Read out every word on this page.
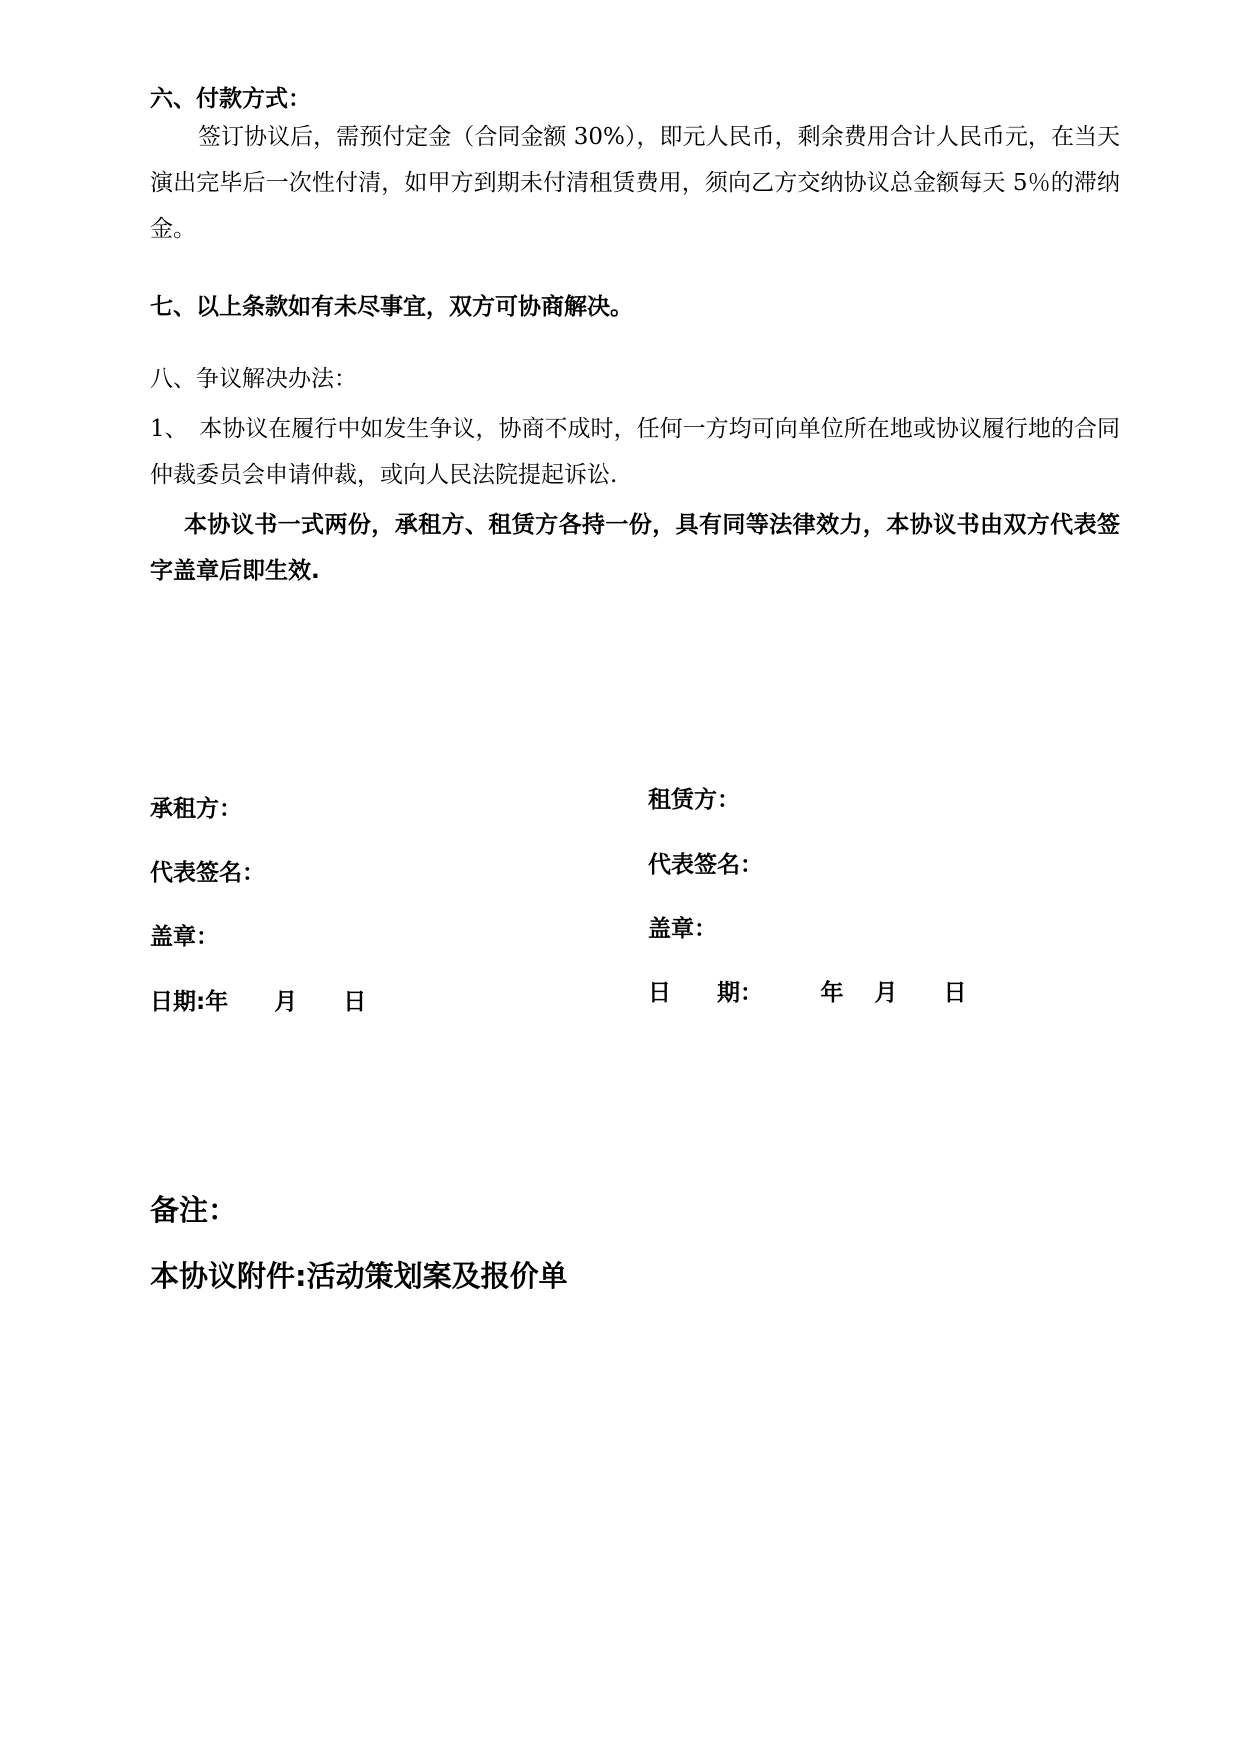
六、付款方式：
签订协议后，需预付定金（合同金额 30%），即元人民币，剩余费用合计人民币元，在当天演出完毕后一次性付清，如甲方到期未付清租赁费用，须向乙方交纳协议总金额每天 5％的滞纳金。
七、以上条款如有未尽事宜，双方可协商解决。
八、争议解决办法：
1、　本协议在履行中如发生争议，协商不成时，任何一方均可向单位所在地或协议履行地的合同仲裁委员会申请仲裁，或向人民法院提起诉讼.
本协议书一式两份，承租方、租赁方各持一份，具有同等法律效力，本协议书由双方代表签字盖章后即生效.
承租方：
代表签名：
盖章：
日期:年　　月　　日
租赁方：
代表签名：
盖章：
日　　期：　　　年　 月　　日
备注：
本协议附件:活动策划案及报价单
